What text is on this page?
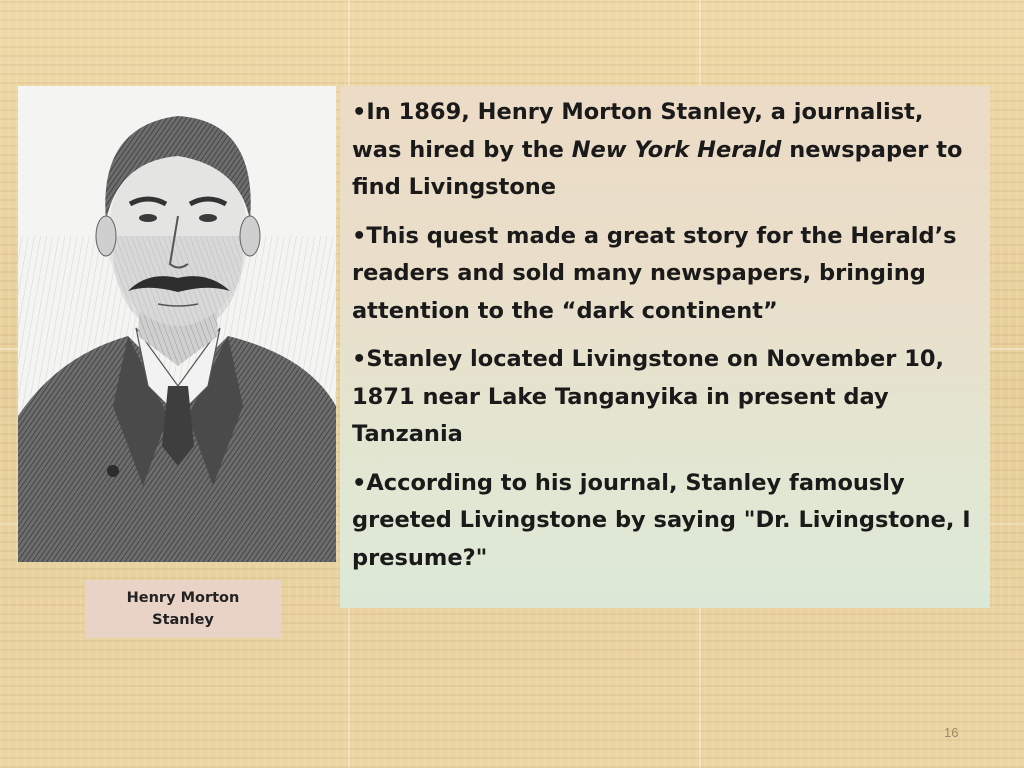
Henry Morton
Stanley

•In 1869, Henry Morton Stanley, a journalist, was hired by the New York Herald newspaper to find Livingstone

•This quest made a great story for the Herald’s readers and sold many newspapers, bringing attention to the “dark continent”

•Stanley located Livingstone on November 10, 1871 near Lake Tanganyika in present day Tanzania

•According to his journal, Stanley famously greeted Livingstone by saying "Dr. Livingstone, I presume?"

16
